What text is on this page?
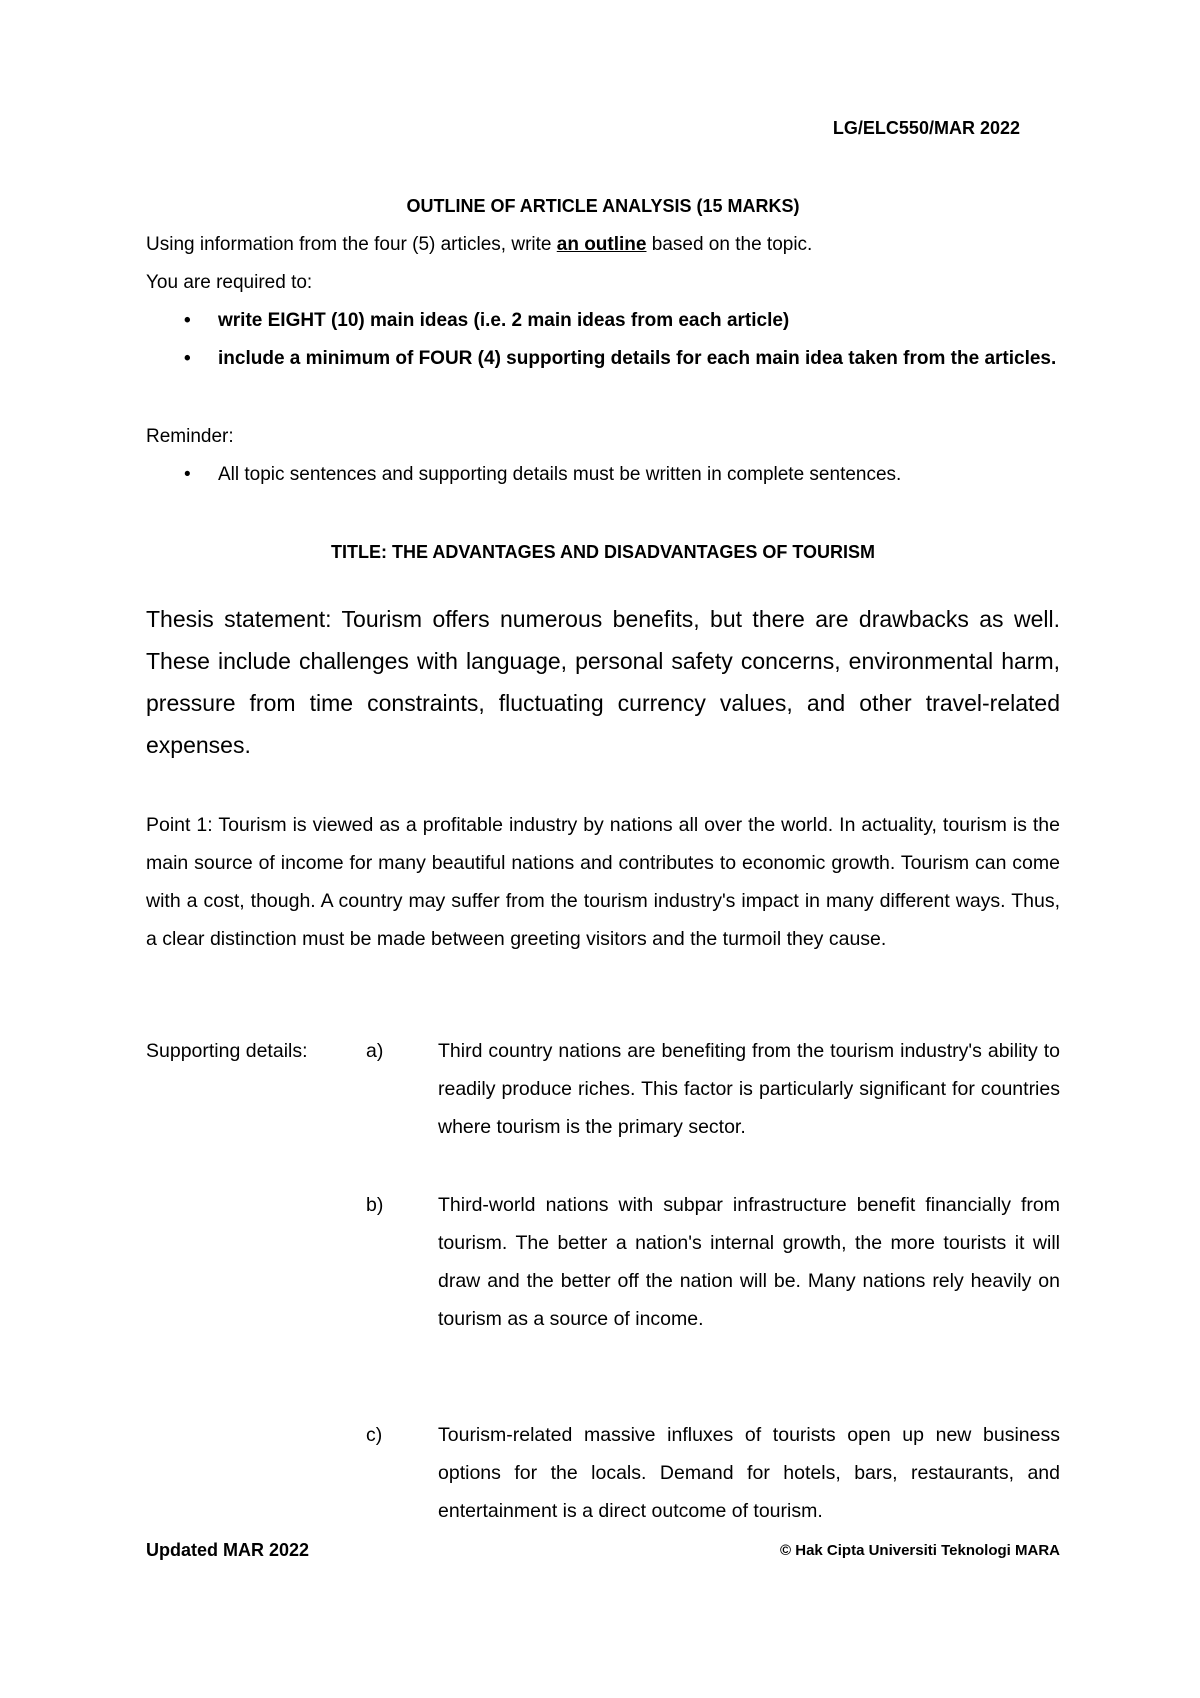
LG/ELC550/MAR 2022
OUTLINE OF ARTICLE ANALYSIS (15 MARKS)
Using information from the four (5) articles, write an outline based on the topic.
You are required to:
• write EIGHT (10) main ideas (i.e. 2 main ideas from each article)
• include a minimum of FOUR (4) supporting details for each main idea taken from the articles.
Reminder:
• All topic sentences and supporting details must be written in complete sentences.
TITLE: THE ADVANTAGES AND DISADVANTAGES OF TOURISM
Thesis statement: Tourism offers numerous benefits, but there are drawbacks as well. These include challenges with language, personal safety concerns, environmental harm, pressure from time constraints, fluctuating currency values, and other travel-related expenses.
Point 1: Tourism is viewed as a profitable industry by nations all over the world. In actuality, tourism is the main source of income for many beautiful nations and contributes to economic growth. Tourism can come with a cost, though. A country may suffer from the tourism industry's impact in many different ways. Thus, a clear distinction must be made between greeting visitors and the turmoil they cause.
Supporting details:	a)	Third country nations are benefiting from the tourism industry's ability to readily produce riches. This factor is particularly significant for countries where tourism is the primary sector.
b)	Third-world nations with subpar infrastructure benefit financially from tourism. The better a nation's internal growth, the more tourists it will draw and the better off the nation will be. Many nations rely heavily on tourism as a source of income.
c)	Tourism-related massive influxes of tourists open up new business options for the locals. Demand for hotels, bars, restaurants, and entertainment is a direct outcome of tourism.
Updated MAR 2022	© Hak Cipta Universiti Teknologi MARA
